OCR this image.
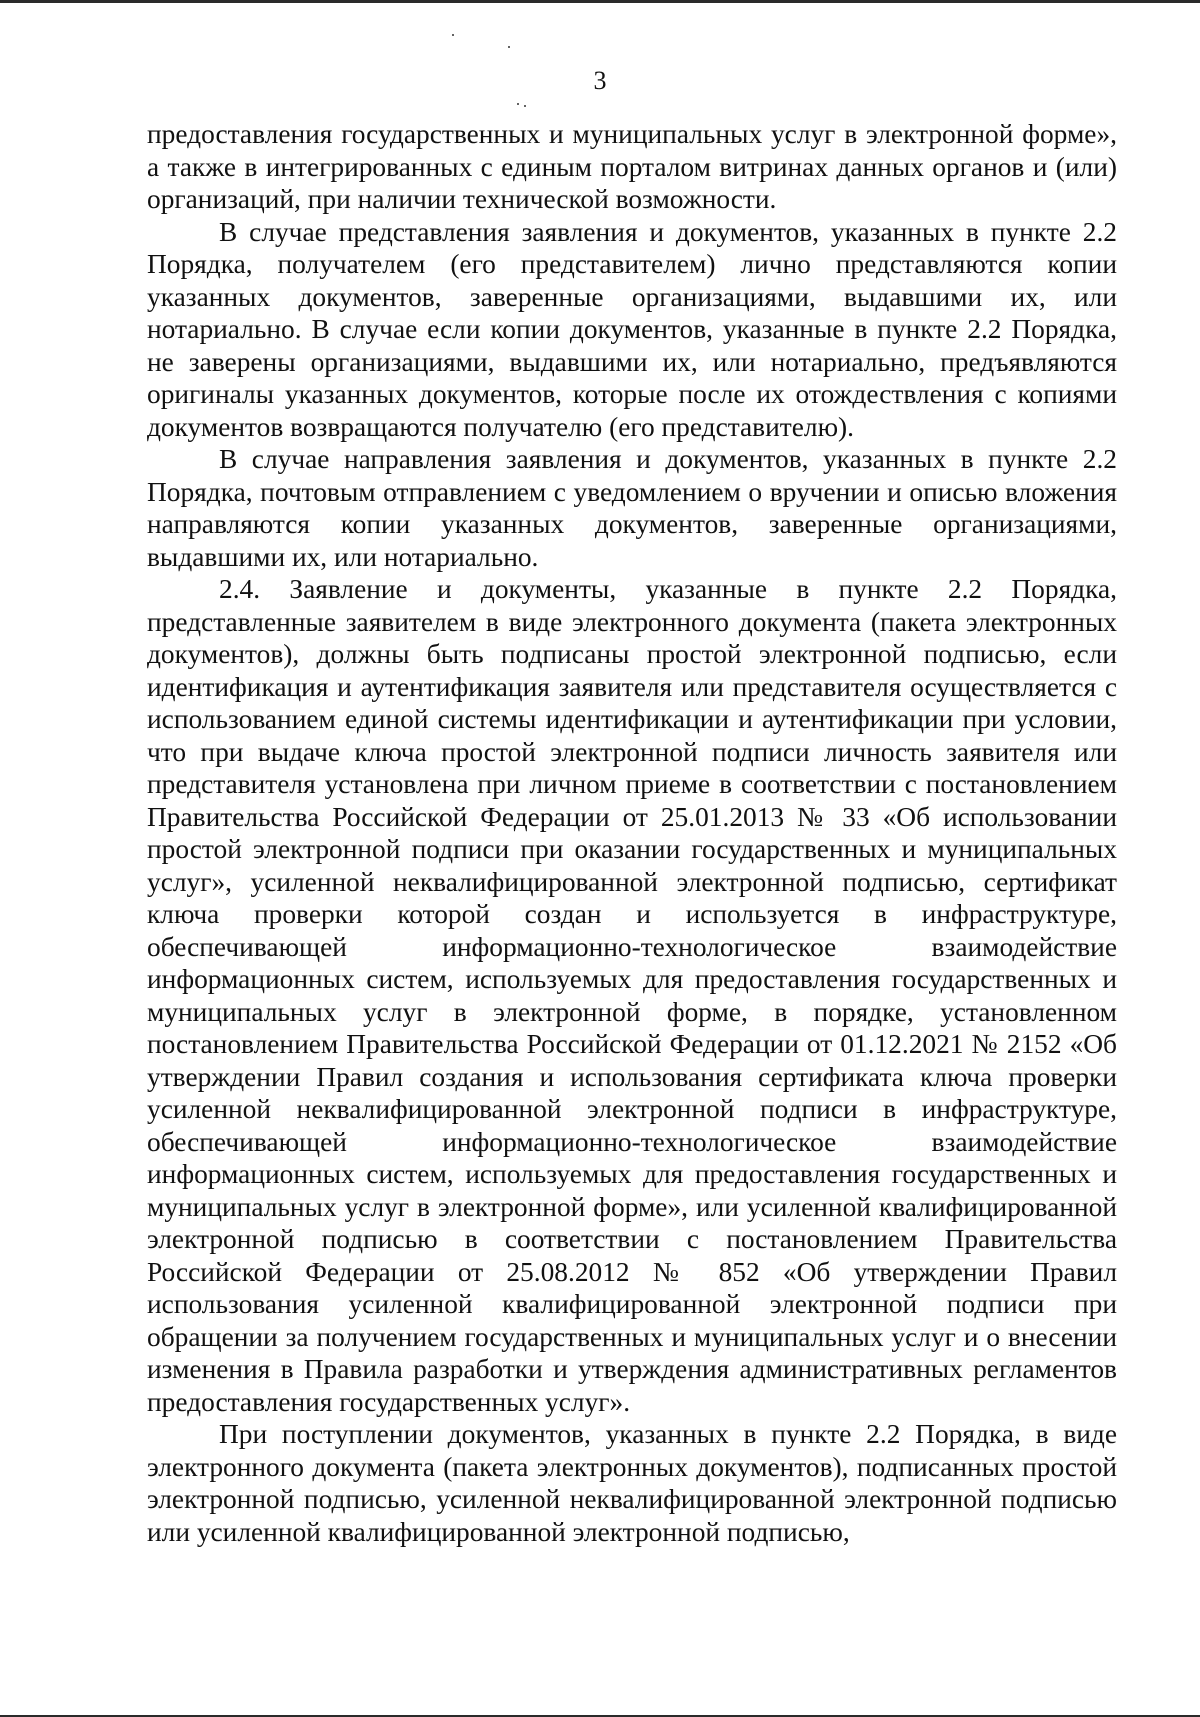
3

предоставления государственных и муниципальных услуг в электронной форме», а также в интегрированных с единым порталом витринах данных органов и (или) организаций, при наличии технической возможности.

В случае представления заявления и документов, указанных в пункте 2.2 Порядка, получателем (его представителем) лично представляются копии указанных документов, заверенные организациями, выдавшими их, или нотариально. В случае если копии документов, указанные в пункте 2.2 Порядка, не заверены организациями, выдавшими их, или нотариально, предъявляются оригиналы указанных документов, которые после их отождествления с копиями документов возвращаются получателю (его представителю).

В случае направления заявления и документов, указанных в пункте 2.2 Порядка, почтовым отправлением с уведомлением о вручении и описью вложения направляются копии указанных документов, заверенные организациями, выдавшими их, или нотариально.

2.4. Заявление и документы, указанные в пункте 2.2 Порядка, представленные заявителем в виде электронного документа (пакета электронных документов), должны быть подписаны простой электронной подписью, если идентификация и аутентификация заявителя или представителя осуществляется с использованием единой системы идентификации и аутентификации при условии, что при выдаче ключа простой электронной подписи личность заявителя или представителя установлена при личном приеме в соответствии с постановлением Правительства Российской Федерации от 25.01.2013 № 33 «Об использовании простой электронной подписи при оказании государственных и муниципальных услуг», усиленной неквалифицированной электронной подписью, сертификат ключа проверки которой создан и используется в инфраструктуре, обеспечивающей информационно-технологическое взаимодействие информационных систем, используемых для предоставления государственных и муниципальных услуг в электронной форме, в порядке, установленном постановлением Правительства Российской Федерации от 01.12.2021 № 2152 «Об утверждении Правил создания и использования сертификата ключа проверки усиленной неквалифицированной электронной подписи в инфраструктуре, обеспечивающей информационно-технологическое взаимодействие информационных систем, используемых для предоставления государственных и муниципальных услуг в электронной форме», или усиленной квалифицированной электронной подписью в соответствии с постановлением Правительства Российской Федерации от 25.08.2012 № 852 «Об утверждении Правил использования усиленной квалифицированной электронной подписи при обращении за получением государственных и муниципальных услуг и о внесении изменения в Правила разработки и утверждения административных регламентов предоставления государственных услуг».

При поступлении документов, указанных в пункте 2.2 Порядка, в виде электронного документа (пакета электронных документов), подписанных простой электронной подписью, усиленной неквалифицированной электронной подписью или усиленной квалифицированной электронной подписью,
